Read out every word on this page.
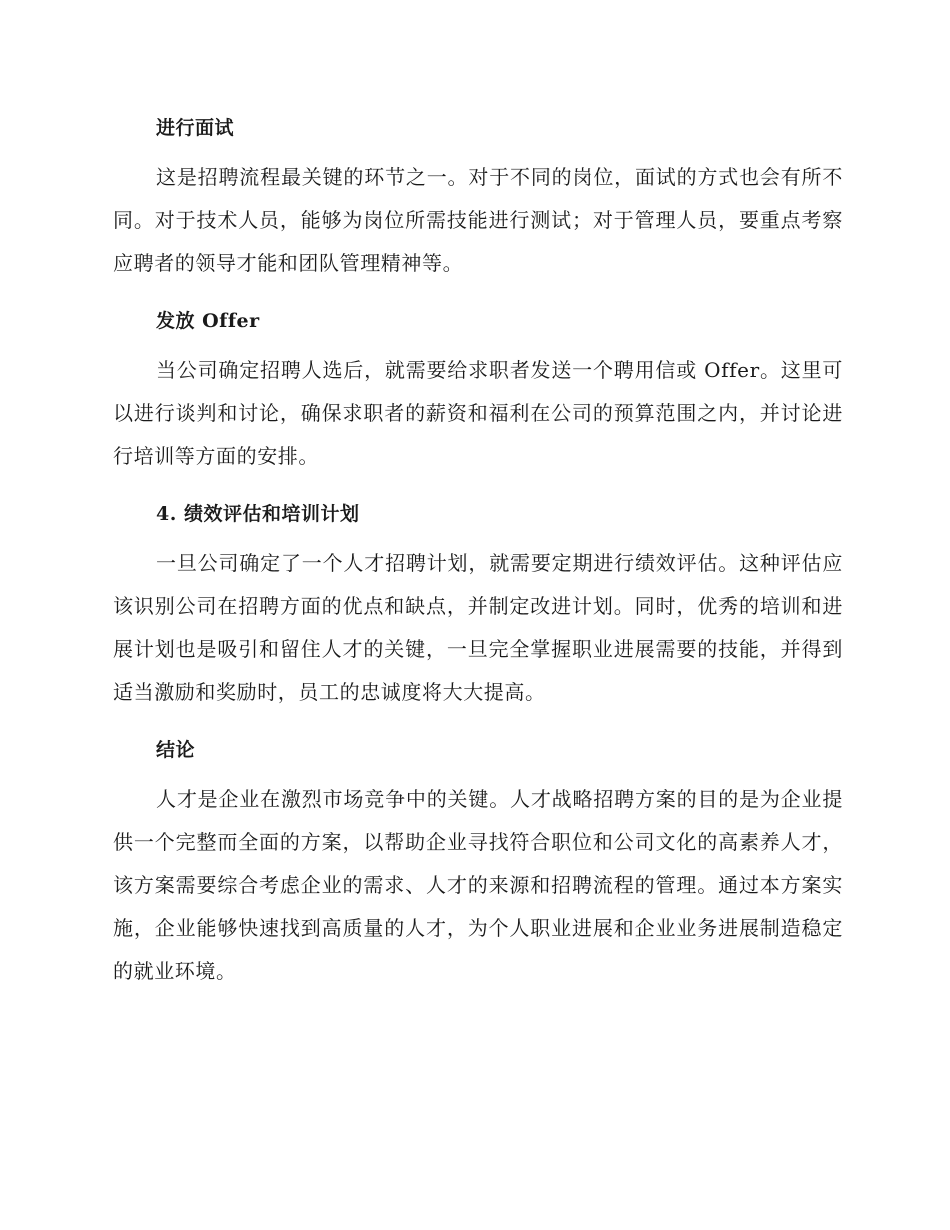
进行面试

这是招聘流程最关键的环节之一。对于不同的岗位，面试的方式也会有所不同。对于技术人员，能够为岗位所需技能进行测试；对于管理人员，要重点考察应聘者的领导才能和团队管理精神等。

发放 Offer

当公司确定招聘人选后，就需要给求职者发送一个聘用信或 Offer。这里可以进行谈判和讨论，确保求职者的薪资和福利在公司的预算范围之内，并讨论进行培训等方面的安排。

4. 绩效评估和培训计划

一旦公司确定了一个人才招聘计划，就需要定期进行绩效评估。这种评估应该识别公司在招聘方面的优点和缺点，并制定改进计划。同时，优秀的培训和进展计划也是吸引和留住人才的关键，一旦完全掌握职业进展需要的技能，并得到适当激励和奖励时，员工的忠诚度将大大提高。

结论

人才是企业在激烈市场竞争中的关键。人才战略招聘方案的目的是为企业提供一个完整而全面的方案，以帮助企业寻找符合职位和公司文化的高素养人才，该方案需要综合考虑企业的需求、人才的来源和招聘流程的管理。通过本方案实施，企业能够快速找到高质量的人才，为个人职业进展和企业业务进展制造稳定的就业环境。
